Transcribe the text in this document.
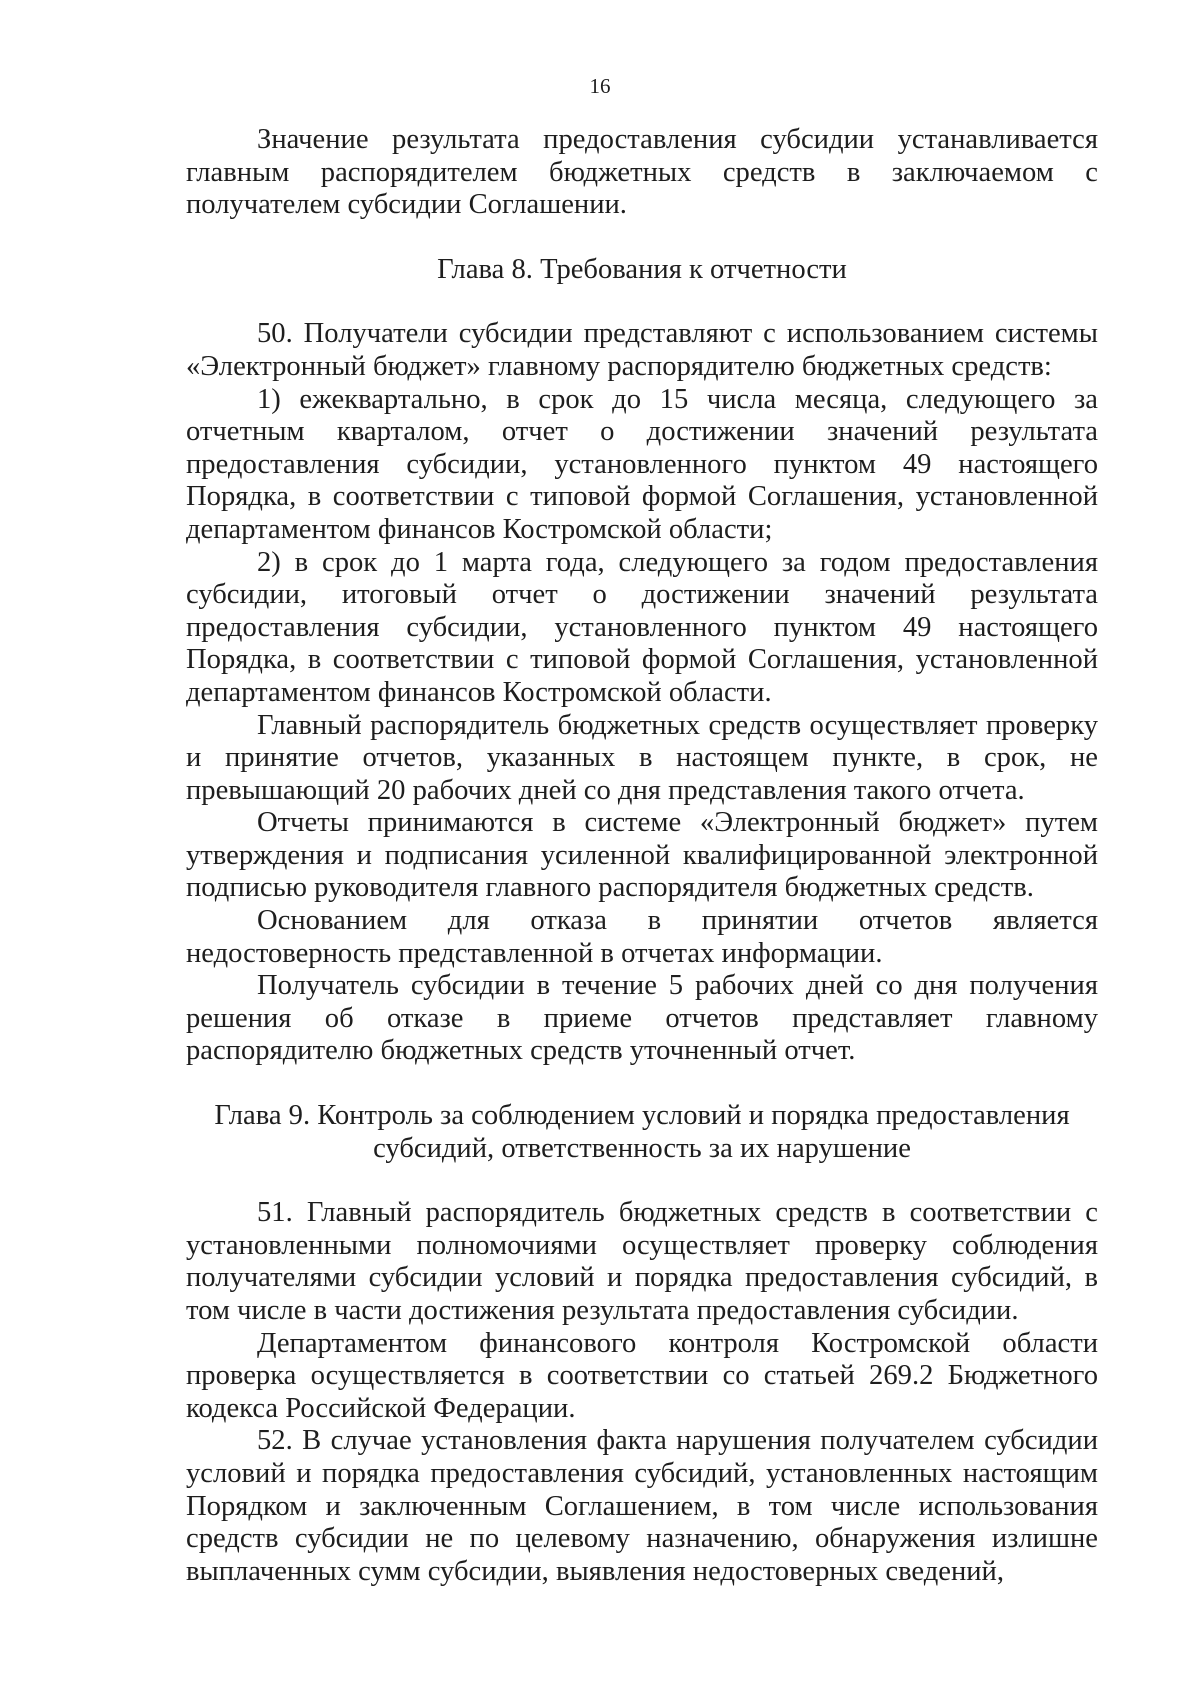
16

Значение результата предоставления субсидии устанавливается главным распорядителем бюджетных средств в заключаемом с получателем субсидии Соглашении.

Глава 8. Требования к отчетности

50. Получатели субсидии представляют с использованием системы «Электронный бюджет» главному распорядителю бюджетных средств:

1) ежеквартально, в срок до 15 числа месяца, следующего за отчетным кварталом, отчет о достижении значений результата предоставления субсидии, установленного пунктом 49 настоящего Порядка, в соответствии с типовой формой Соглашения, установленной департаментом финансов Костромской области;

2) в срок до 1 марта года, следующего за годом предоставления субсидии, итоговый отчет о достижении значений результата предоставления субсидии, установленного пунктом 49 настоящего Порядка, в соответствии с типовой формой Соглашения, установленной департаментом финансов Костромской области.

Главный распорядитель бюджетных средств осуществляет проверку и принятие отчетов, указанных в настоящем пункте, в срок, не превышающий 20 рабочих дней со дня представления такого отчета.

Отчеты принимаются в системе «Электронный бюджет» путем утверждения и подписания усиленной квалифицированной электронной подписью руководителя главного распорядителя бюджетных средств.

Основанием для отказа в принятии отчетов является недостоверность представленной в отчетах информации.

Получатель субсидии в течение 5 рабочих дней со дня получения решения об отказе в приеме отчетов представляет главному распорядителю бюджетных средств уточненный отчет.

Глава 9. Контроль за соблюдением условий и порядка предоставления

субсидий, ответственность за их нарушение

51. Главный распорядитель бюджетных средств в соответствии с установленными полномочиями осуществляет проверку соблюдения получателями субсидии условий и порядка предоставления субсидий, в том числе в части достижения результата предоставления субсидии.

Департаментом финансового контроля Костромской области проверка осуществляется в соответствии со статьей 269.2 Бюджетного кодекса Российской Федерации.

52. В случае установления факта нарушения получателем субсидии условий и порядка предоставления субсидий, установленных настоящим Порядком и заключенным Соглашением, в том числе использования средств субсидии не по целевому назначению, обнаружения излишне выплаченных сумм субсидии, выявления недостоверных сведений,
